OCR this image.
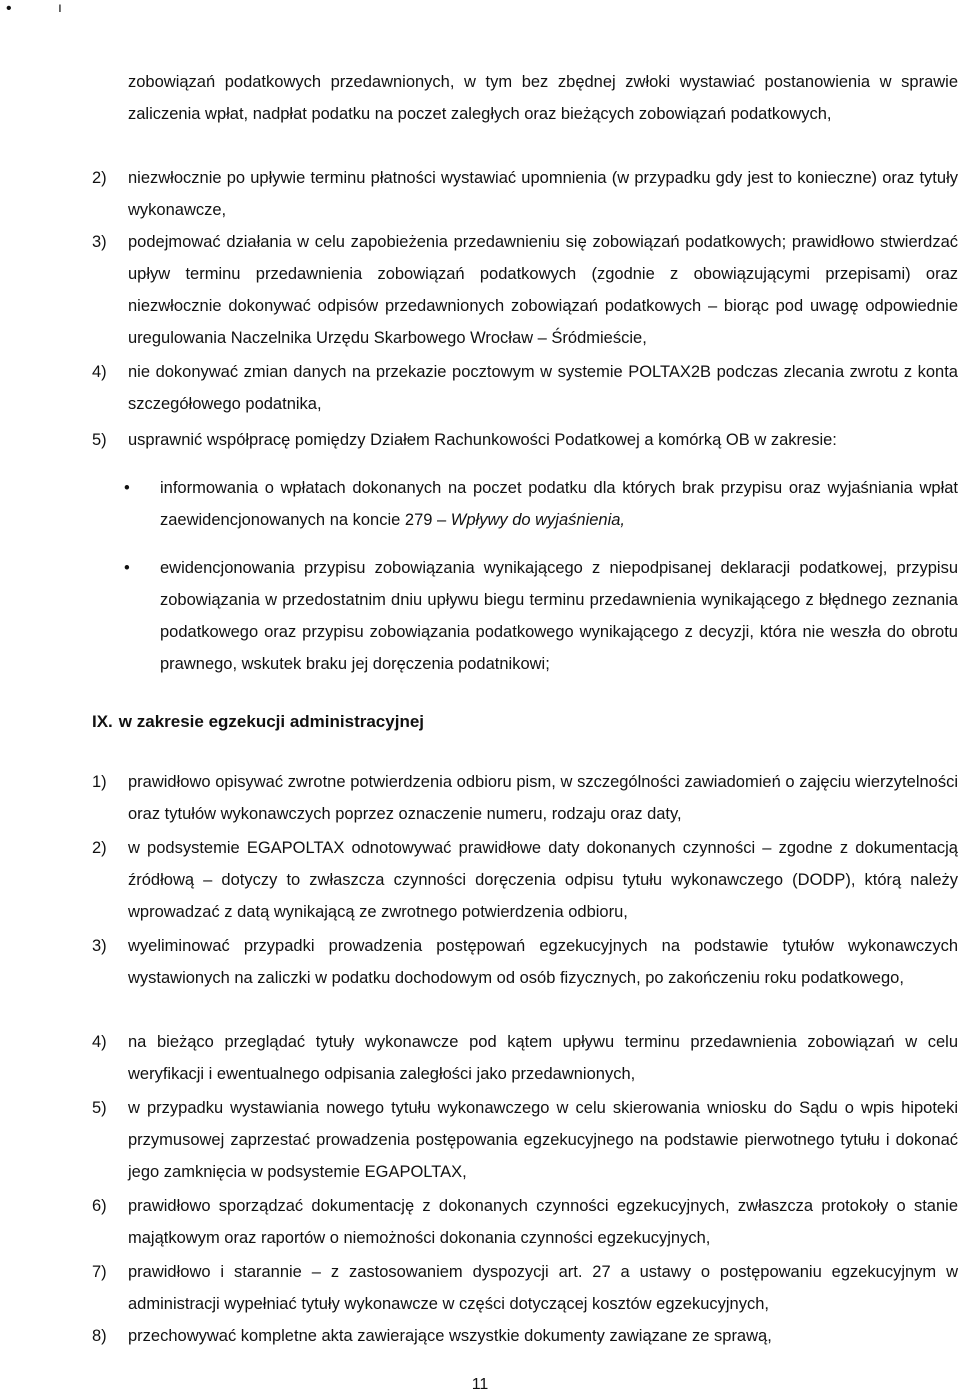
•	ı

zobowiązań podatkowych przedawnionych, w tym bez zbędnej zwłoki wystawiać postanowienia w sprawie zaliczenia wpłat, nadpłat podatku na poczet zaległych oraz bieżących zobowiązań podatkowych,

2) niezwłocznie po upływie terminu płatności wystawiać upomnienia (w przypadku gdy jest to konieczne) oraz tytuły wykonawcze,
3) podejmować działania w celu zapobieżenia przedawnieniu się zobowiązań podatkowych; prawidłowo stwierdzać upływ terminu przedawnienia zobowiązań podatkowych (zgodnie z obowiązującymi przepisami) oraz niezwłocznie dokonywać odpisów przedawnionych zobowiązań podatkowych – biorąc pod uwagę odpowiednie uregulowania Naczelnika Urzędu Skarbowego Wrocław – Śródmieście,
4) nie dokonywać zmian danych na przekazie pocztowym w systemie POLTAX2B podczas zlecania zwrotu z konta szczegółowego podatnika,
5) usprawnić współpracę pomiędzy Działem Rachunkowości Podatkowej a komórką OB w zakresie:
• informowania o wpłatach dokonanych na poczet podatku dla których brak przypisu oraz wyjaśniania wpłat zaewidencjonowanych na koncie 279 – Wpływy do wyjaśnienia,
• ewidencjonowania przypisu zobowiązania wynikającego z niepodpisanej deklaracji podatkowej, przypisu zobowiązania w przedostatnim dniu upływu biegu terminu przedawnienia wynikającego z błędnego zeznania podatkowego oraz przypisu zobowiązania podatkowego wynikającego z decyzji, która nie weszła do obrotu prawnego, wskutek braku jej doręczenia podatnikowi;
IX. w zakresie egzekucji administracyjnej
1) prawidłowo opisywać zwrotne potwierdzenia odbioru pism, w szczególności zawiadomień o zajęciu wierzytelności oraz tytułów wykonawczych poprzez oznaczenie numeru, rodzaju oraz daty,
2) w podsystemie EGAPOLTAX odnotowywać prawidłowe daty dokonanych czynności – zgodne z dokumentacją źródłową – dotyczy to zwłaszcza czynności doręczenia odpisu tytułu wykonawczego (DODP), którą należy wprowadzać z datą wynikającą ze zwrotnego potwierdzenia odbioru,
3) wyeliminować przypadki prowadzenia postępowań egzekucyjnych na podstawie tytułów wykonawczych wystawionych na zaliczki w podatku dochodowym od osób fizycznych, po zakończeniu roku podatkowego,
4) na bieżąco przeglądać tytuły wykonawcze pod kątem upływu terminu przedawnienia zobowiązań w celu weryfikacji i ewentualnego odpisania zaległości jako przedawnionych,
5) w przypadku wystawiania nowego tytułu wykonawczego w celu skierowania wniosku do Sądu o wpis hipoteki przymusowej zaprzestać prowadzenia postępowania egzekucyjnego na podstawie pierwotnego tytułu i dokonać jego zamknięcia w podsystemie EGAPOLTAX,
6) prawidłowo sporządzać dokumentację z dokonanych czynności egzekucyjnych, zwłaszcza protokoły o stanie majątkowym oraz raportów o niemożności dokonania czynności egzekucyjnych,
7) prawidłowo i starannie – z zastosowaniem dyspozycji art. 27 a ustawy o postępowaniu egzekucyjnym w administracji wypełniać tytuły wykonawcze w części dotyczącej kosztów egzekucyjnych,
8) przechowywać kompletne akta zawierające wszystkie dokumenty zawiązane ze sprawą,
11
